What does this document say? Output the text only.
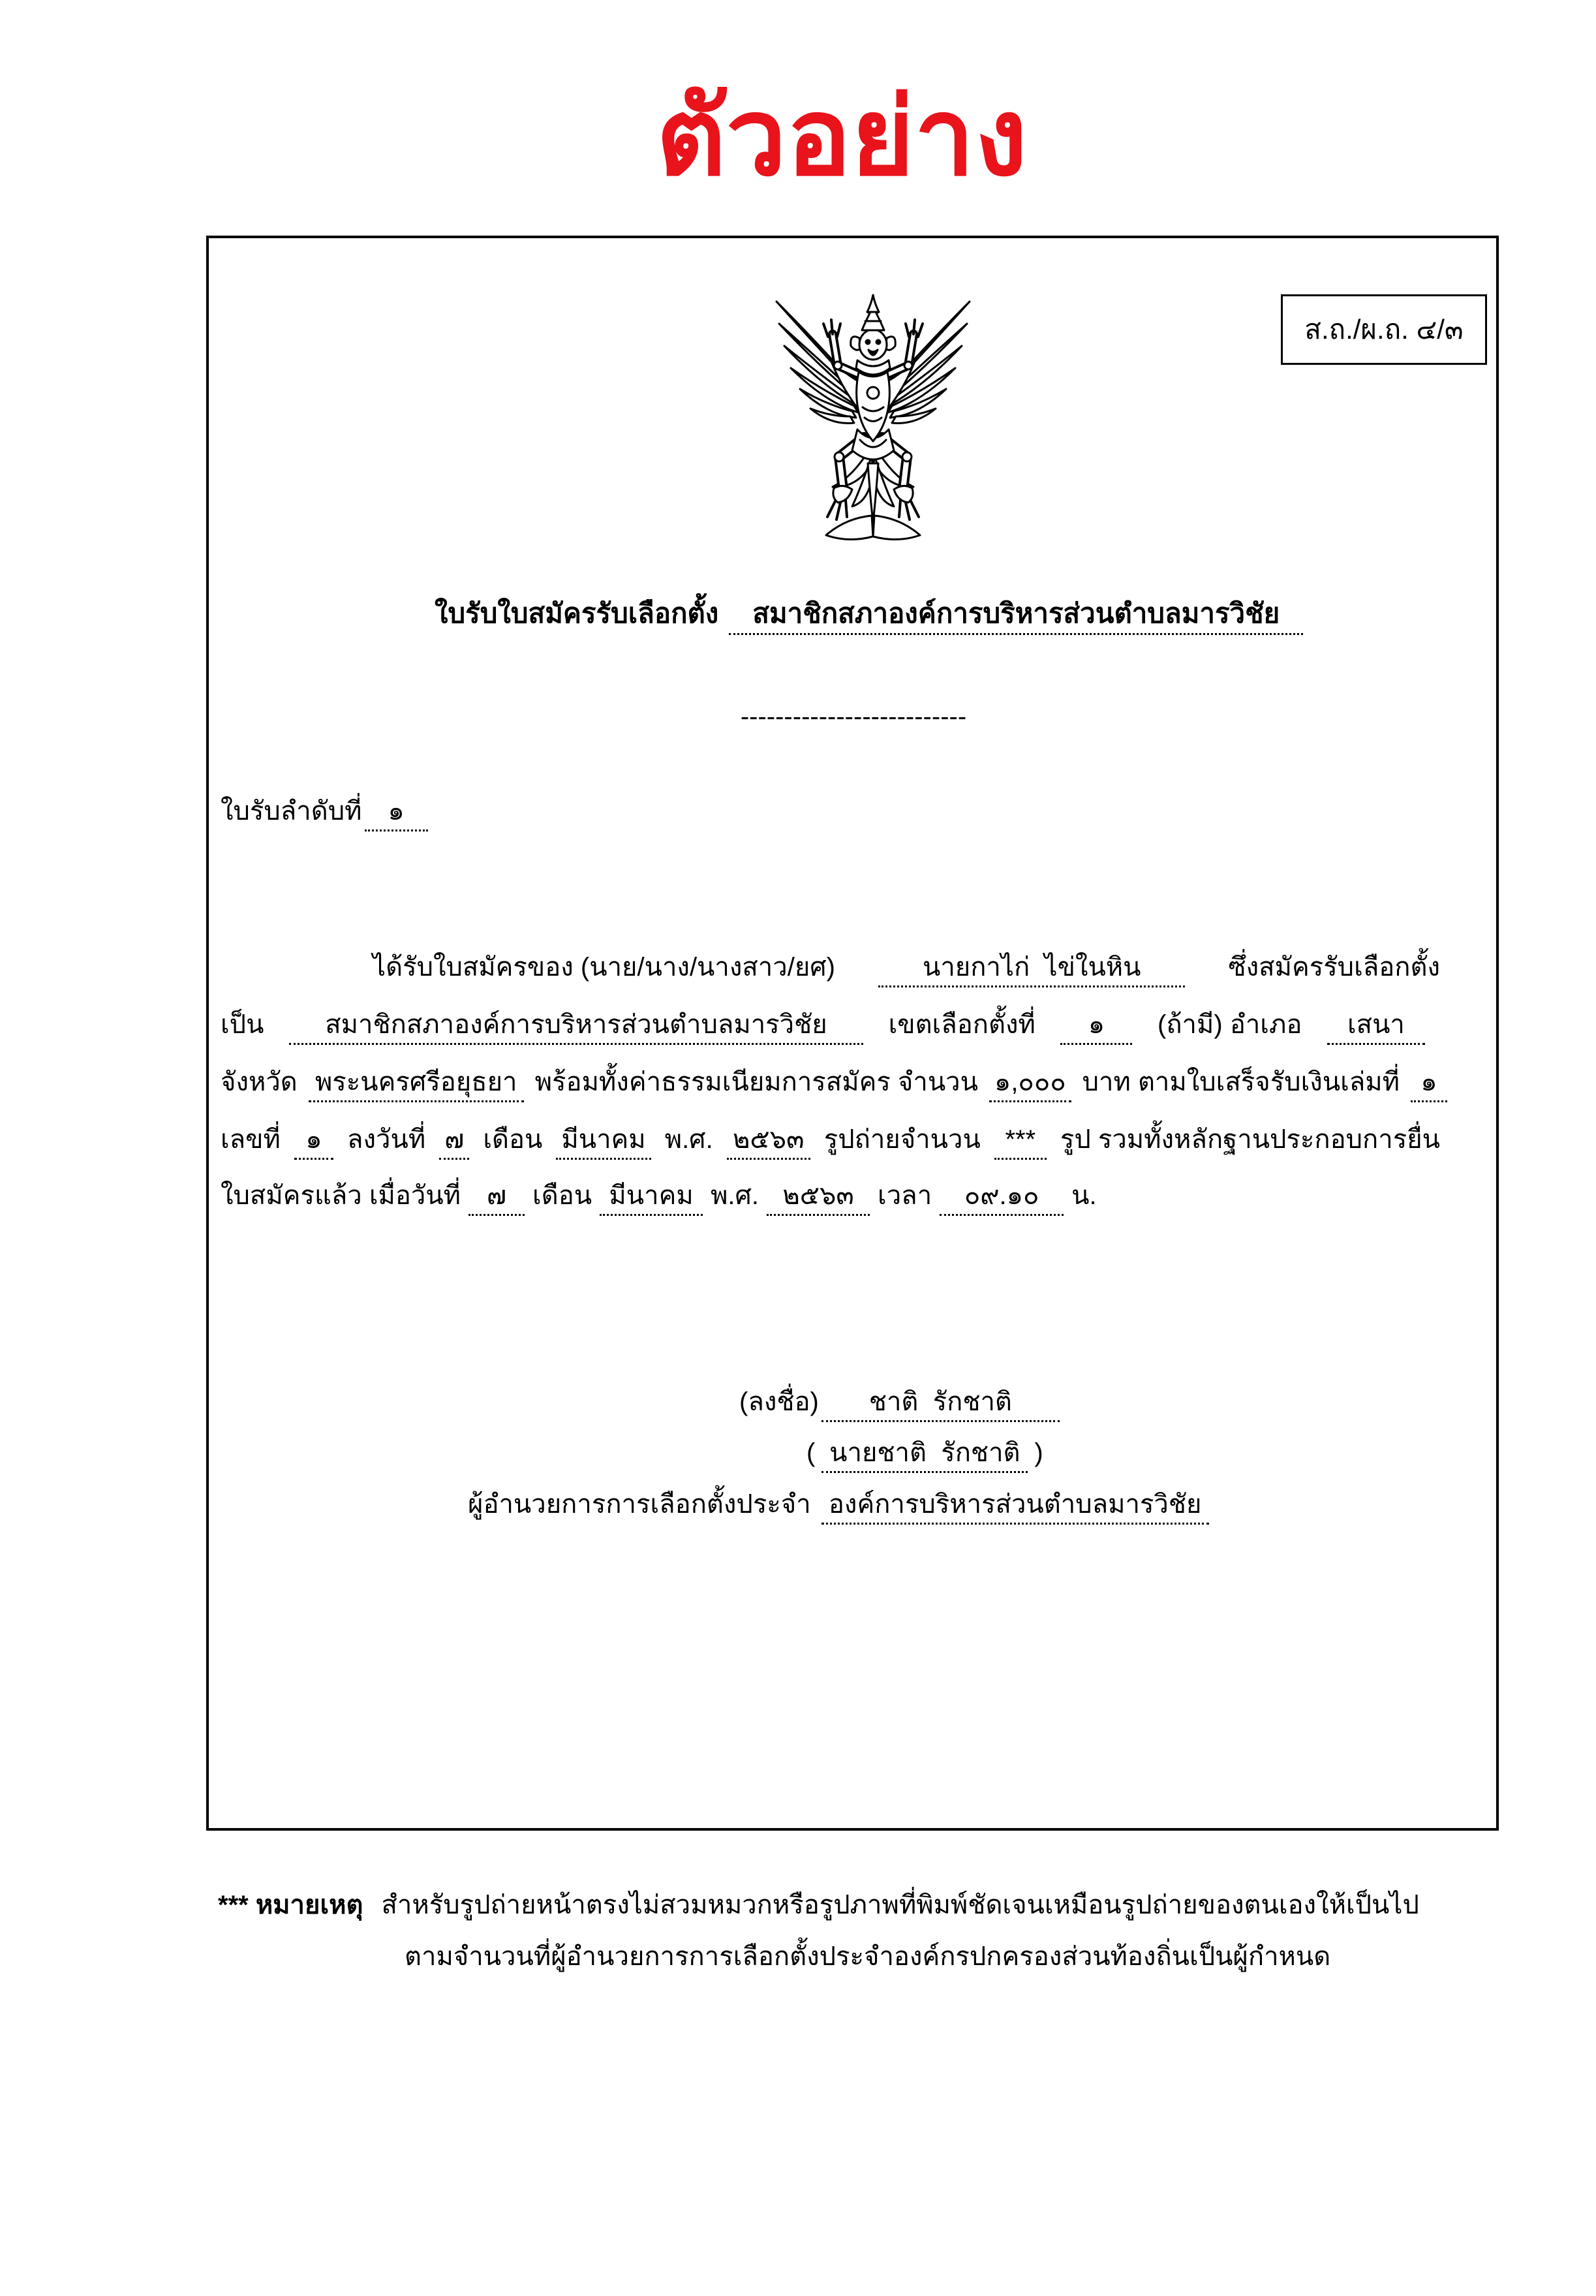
ตัวอย่าง
ส.ถ./ผ.ถ. ๔/๓
ใบรับใบสมัครรับเลือกตั้ง	สมาชิกสภาองค์การบริหารส่วนตำบลมารวิชัย
--------------------------
ใบรับลำดับที่ ๑
ได้รับใบสมัครของ (นาย/นาง/นางสาว/ยศ)	นายกาไก่  ไข่ในหิน	ซึ่งสมัครรับเลือกตั้ง
เป็น	สมาชิกสภาองค์การบริหารส่วนตำบลมารวิชัย	เขตเลือกตั้งที่	๑	(ถ้ามี) อำเภอ	เสนา
จังหวัด พระนครศรีอยุธยา พร้อมทั้งค่าธรรมเนียมการสมัคร จำนวน ๑,๐๐๐ บาท ตามใบเสร็จรับเงินเล่มที่ ๑
เลขที่ ๑ ลงวันที่ ๗ เดือน มีนาคม พ.ศ. ๒๕๖๓ รูปถ่ายจำนวน *** รูป รวมทั้งหลักฐานประกอบการยื่น
ใบสมัครแล้ว เมื่อวันที่ ๗ เดือน มีนาคม พ.ศ. ๒๕๖๓ เวลา	๐๙.๑๐	น.
(ลงชื่อ)	ชาติ  รักชาติ
( นายชาติ  รักชาติ )
ผู้อำนวยการการเลือกตั้งประจำ องค์การบริหารส่วนตำบลมารวิชัย
*** หมายเหตุ สำหรับรูปถ่ายหน้าตรงไม่สวมหมวกหรือรูปภาพที่พิมพ์ชัดเจนเหมือนรูปถ่ายของตนเองให้เป็นไป
ตามจำนวนที่ผู้อำนวยการการเลือกตั้งประจำองค์กรปกครองส่วนท้องถิ่นเป็นผู้กำหนด
